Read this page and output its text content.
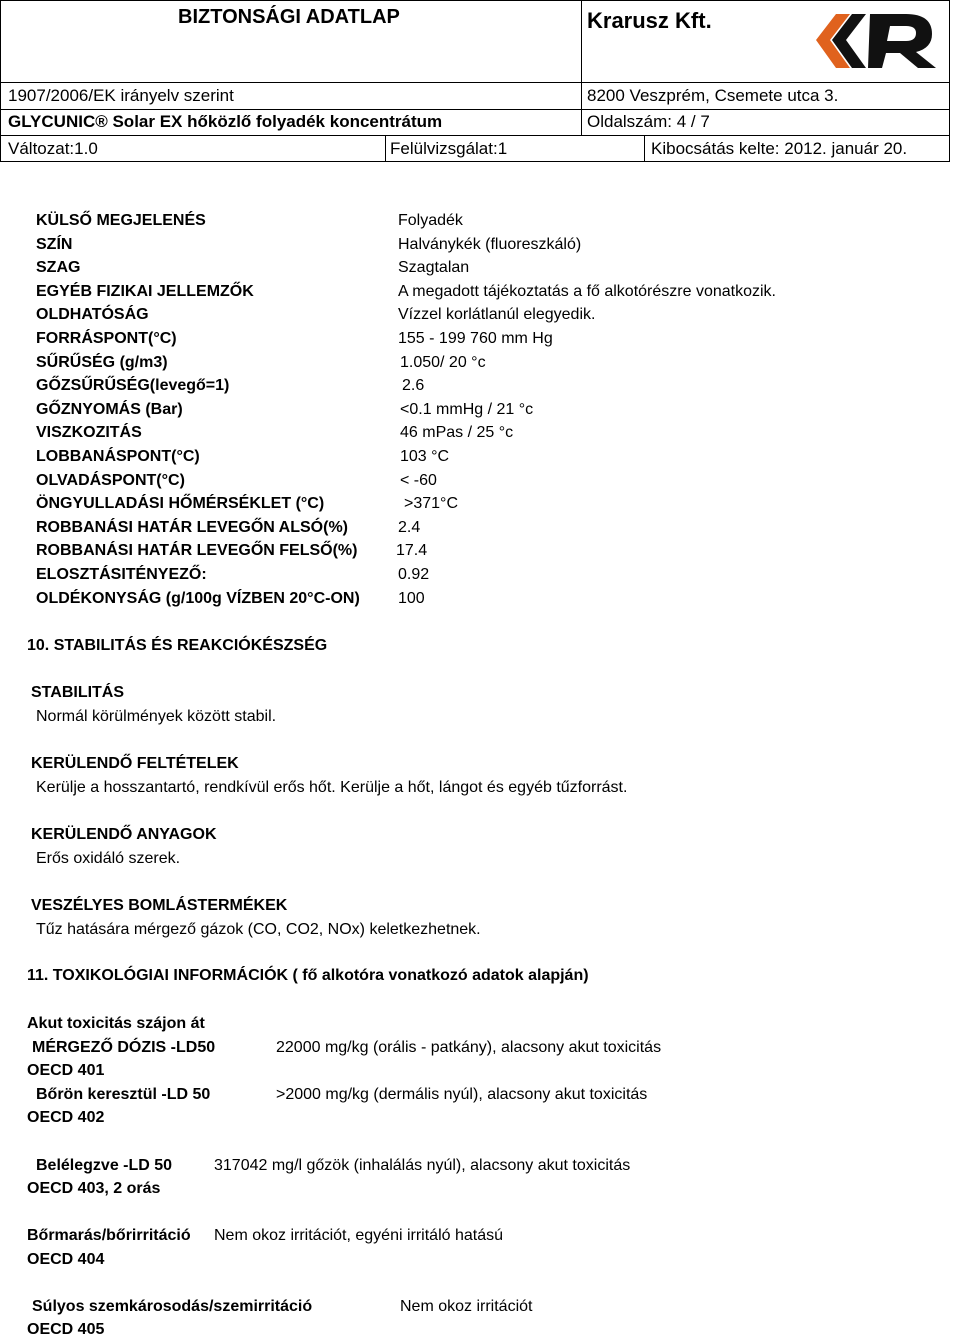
BIZTONSÁGI ADATLAP	Krarusz Kft.
1907/2006/EK irányelv szerint	8200 Veszprém, Csemete utca 3.
GLYCUNIC® Solar EX hőközlő folyadék koncentrátum	Oldalszám: 4 / 7
Változat:1.0	Felülvizsgálat:1	Kibocsátás kelte: 2012. január 20.
KÜLSŐ MEGJELENÉS	Folyadék
SZÍN	Halványkék (fluoreszkáló)
SZAG	Szagtalan
EGYÉB FIZIKAI JELLEMZŐK	A megadott tájékoztatás a fő alkotórészre vonatkozik.
OLDHATÓSÁG	Vízzel korlátlanúl elegyedik.
FORRÁSPONT(°C)	155 - 199 760 mm Hg
SŰRŰSÉG (g/m3)	1.050/ 20 °c
GŐZSŰRŰSÉG(levegő=1)	2.6
GŐZNYOMÁS (Bar)	<0.1 mmHg / 21 °c
VISZKOZITÁS	46 mPas / 25 °c
LOBBANÁSPONT(°C)	103 °C
OLVADÁSPONT(°C)	< -60
ÖNGYULLADÁSI HŐMÉRSÉKLET (°C)	>371°C
ROBBANÁSI HATÁR LEVEGŐN ALSÓ(%)	2.4
ROBBANÁSI HATÁR LEVEGŐN FELSŐ(%) 17.4
ELOSZTÁSITÉNYEZŐ:	0.92
OLDÉKONYSÁG (g/100g VÍZBEN 20°C-ON) 100
10. STABILITÁS ÉS REAKCIÓKÉSZSÉG
STABILITÁS
Normál körülmények között stabil.
KERÜLENDŐ FELTÉTELEK
Kerülje a hosszantartó, rendkívül erős hőt. Kerülje a hőt, lángot és egyéb tűzforrást.
KERÜLENDŐ ANYAGOK
Erős oxidáló szerek.
VESZÉLYES BOMLÁSTERMÉKEK
Tűz hatására mérgező gázok (CO, CO2, NOx) keletkezhetnek.
11. TOXIKOLÓGIAI INFORMÁCIÓK ( fő alkotóra vonatkozó adatok alapján)
Akut toxicitás szájon át
MÉRGEZŐ DÓZIS -LD50	22000 mg/kg (orális - patkány), alacsony akut toxicitás
OECD 401
Bőrön keresztül -LD 50	>2000 mg/kg (dermális nyúl), alacsony akut toxicitás
OECD 402
Belélegzve -LD 50	317042 mg/l gőzök (inhalálás nyúl), alacsony akut toxicitás
OECD 403, 2 orás
Bőrmarás/bőrirritáció Nem okoz irritációt, egyéni irritáló hatású
OECD 404
Súlyos szemkárosodás/szemirritáció	Nem okoz irritációt
OECD 405
